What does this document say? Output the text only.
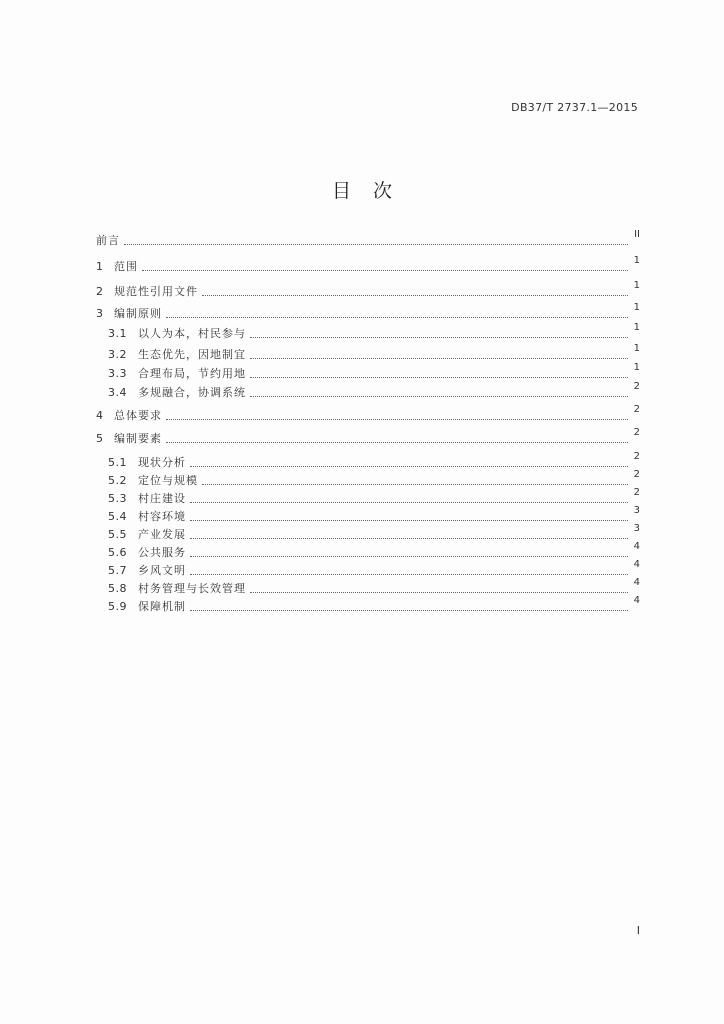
DB37/T 2737.1—2015
目次
前言	II
1 范围	1
2 规范性引用文件	1
3 编制原则	1
3.1	以人为本，村民参与	1
3.2	生态优先，因地制宜	1
3.3	合理布局，节约用地	1
3.4	多规融合，协调系统	2
4 总体要求	2
5 编制要素	2
5.1	现状分析	2
5.2	定位与规模	2
5.3	村庄建设	2
5.4	村容环境	3
5.5	产业发展	3
5.6	公共服务	4
5.7	乡风文明	4
5.8	村务管理与长效管理	4
5.9	保障机制	4
I
